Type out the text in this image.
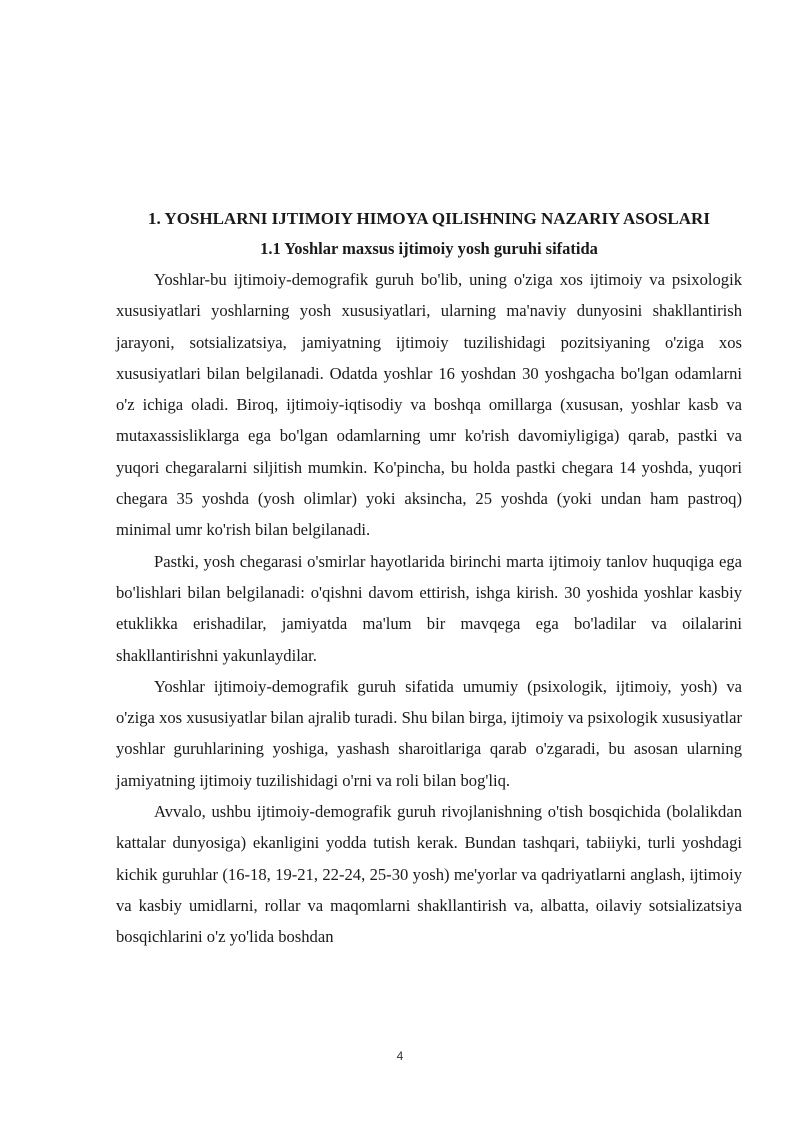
1. YOSHLARNI IJTIMOIY HIMOYA QILISHNING NAZARIY ASOSLARI
1.1 Yoshlar maxsus ijtimoiy yosh guruhi sifatida

Yoshlar-bu ijtimoiy-demografik guruh bo'lib, uning o'ziga xos ijtimoiy va psixologik xususiyatlari yoshlarning yosh xususiyatlari, ularning ma'naviy dunyosini shakllantirish jarayoni, sotsializatsiya, jamiyatning ijtimoiy tuzilishidagi pozitsiyaning o'ziga xos xususiyatlari bilan belgilanadi. Odatda yoshlar 16 yoshdan 30 yoshgacha bo'lgan odamlarni o'z ichiga oladi. Biroq, ijtimoiy-iqtisodiy va boshqa omillarga (xususan, yoshlar kasb va mutaxassisliklarga ega bo'lgan odamlarning umr ko'rish davomiyligiga) qarab, pastki va yuqori chegaralarni siljitish mumkin. Ko'pincha, bu holda pastki chegara 14 yoshda, yuqori chegara 35 yoshda (yosh olimlar) yoki aksincha, 25 yoshda (yoki undan ham pastroq) minimal umr ko'rish bilan belgilanadi.

Pastki, yosh chegarasi o'smirlar hayotlarida birinchi marta ijtimoiy tanlov huquqiga ega bo'lishlari bilan belgilanadi: o'qishni davom ettirish, ishga kirish. 30 yoshida yoshlar kasbiy etuklikka erishadilar, jamiyatda ma'lum bir mavqega ega bo'ladilar va oilalarini shakllantirishni yakunlaydilar.

Yoshlar ijtimoiy-demografik guruh sifatida umumiy (psixologik, ijtimoiy, yosh) va o'ziga xos xususiyatlar bilan ajralib turadi. Shu bilan birga, ijtimoiy va psixologik xususiyatlar yoshlar guruhlarining yoshiga, yashash sharoitlariga qarab o'zgaradi, bu asosan ularning jamiyatning ijtimoiy tuzilishidagi o'rni va roli bilan bog'liq.

Avvalo, ushbu ijtimoiy-demografik guruh rivojlanishning o'tish bosqichida (bolalikdan kattalar dunyosiga) ekanligini yodda tutish kerak. Bundan tashqari, tabiiyki, turli yoshdagi kichik guruhlar (16-18, 19-21, 22-24, 25-30 yosh) me'yorlar va qadriyatlarni anglash, ijtimoiy va kasbiy umidlarni, rollar va maqomlarni shakllantirish va, albatta, oilaviy sotsializatsiya bosqichlarini o'z yo'lida boshdan

4
